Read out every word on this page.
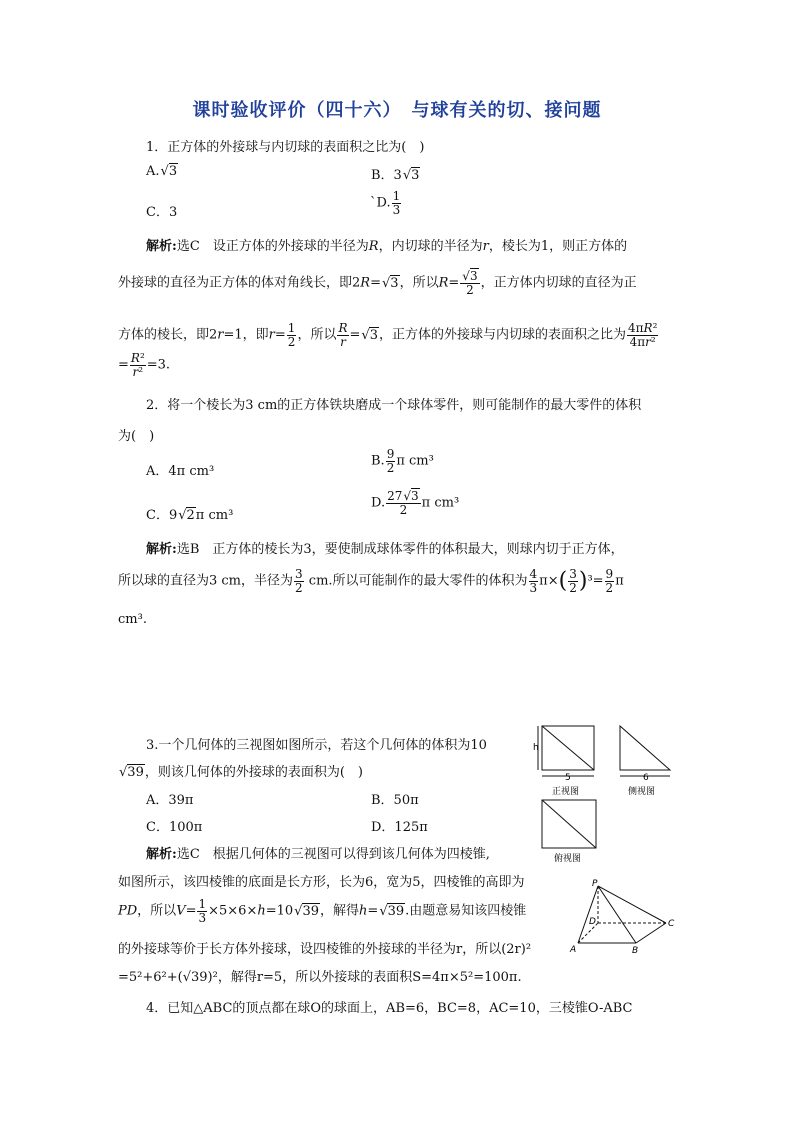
课时验收评价（四十六）　与球有关的切、接问题
1．正方体的外接球与内切球的表面积之比为(　)
A.√ 3	B．3√ 3
C．3
`D. $\frac{1}{3}$
解析:选C　 设正方体的外接球的半径为R，内切球的半径为r，棱长为1，则正方体的
外接球的直径为正方体的体对角线长，即2R=√ 3，所以R=
√ $\frac{3}{2}$ ，正方体内切球的直径为正
方体的棱长，即2r=1，即$r= \frac{1}{2}$ ，所以 $\frac{R}{r}$ =√ 3，正方体的外接球与内切球的表面积之比为 $\frac{\text{4πR²}}{\text{4πr²}}$
= $\frac{\text{R²}}{\text{r²}} =3$.
2．将一个棱长为3 cm的正方体铁块磨成一个球体零件，则可能制作的最大零件的体积
为(　)
A．4π cm³
B. $\frac{9}{2}$ π cm³
C．9√ 2π cm³
D. $\frac{27√ 3}{2}$ π cm³
解析:选B　 正方体的棱长为3，要使制成球体零件的体积最大，则球内切于正方体，
所以球的直径为3 cm，半径为 $\frac{3}{2}$ cm.所以可能制作的最大零件的体积为 $\frac{4}{3} \pi\times( \frac{3}{2} )^3= \frac{9}{2}$ π
cm³.
3.一个几何体的三视图如图所示，若这个几何体的体积为10
√ 39，则该几何体的外接球的表面积为(　)
A．39π	B．50π
C．100π	D．125π
解析:选C　 根据几何体的三视图可以得到该几何体为四棱锥,
如图所示，该四棱锥的底面是长方形，长为6，宽为5，四棱锥的高即为
PD，所以$V= \frac{1}{3} \times 5\times 6\times h=10√$ 39，解得h=√ 39.由题意易知该四棱锥
的外接球等价于长方体外接球，设四棱锥的外接球的半径为r，所以(2r)²
=5²+6²+(√39)²，解得r=5，所以外接球的表面积S=4π×5²=100π.
4．已知△ABC的顶点都在球O的球面上，AB=6，BC=8，AC=10，三棱锥O-ABC
h
5
正视图
6
侧视图
俯视图
P
D	C
A	B
